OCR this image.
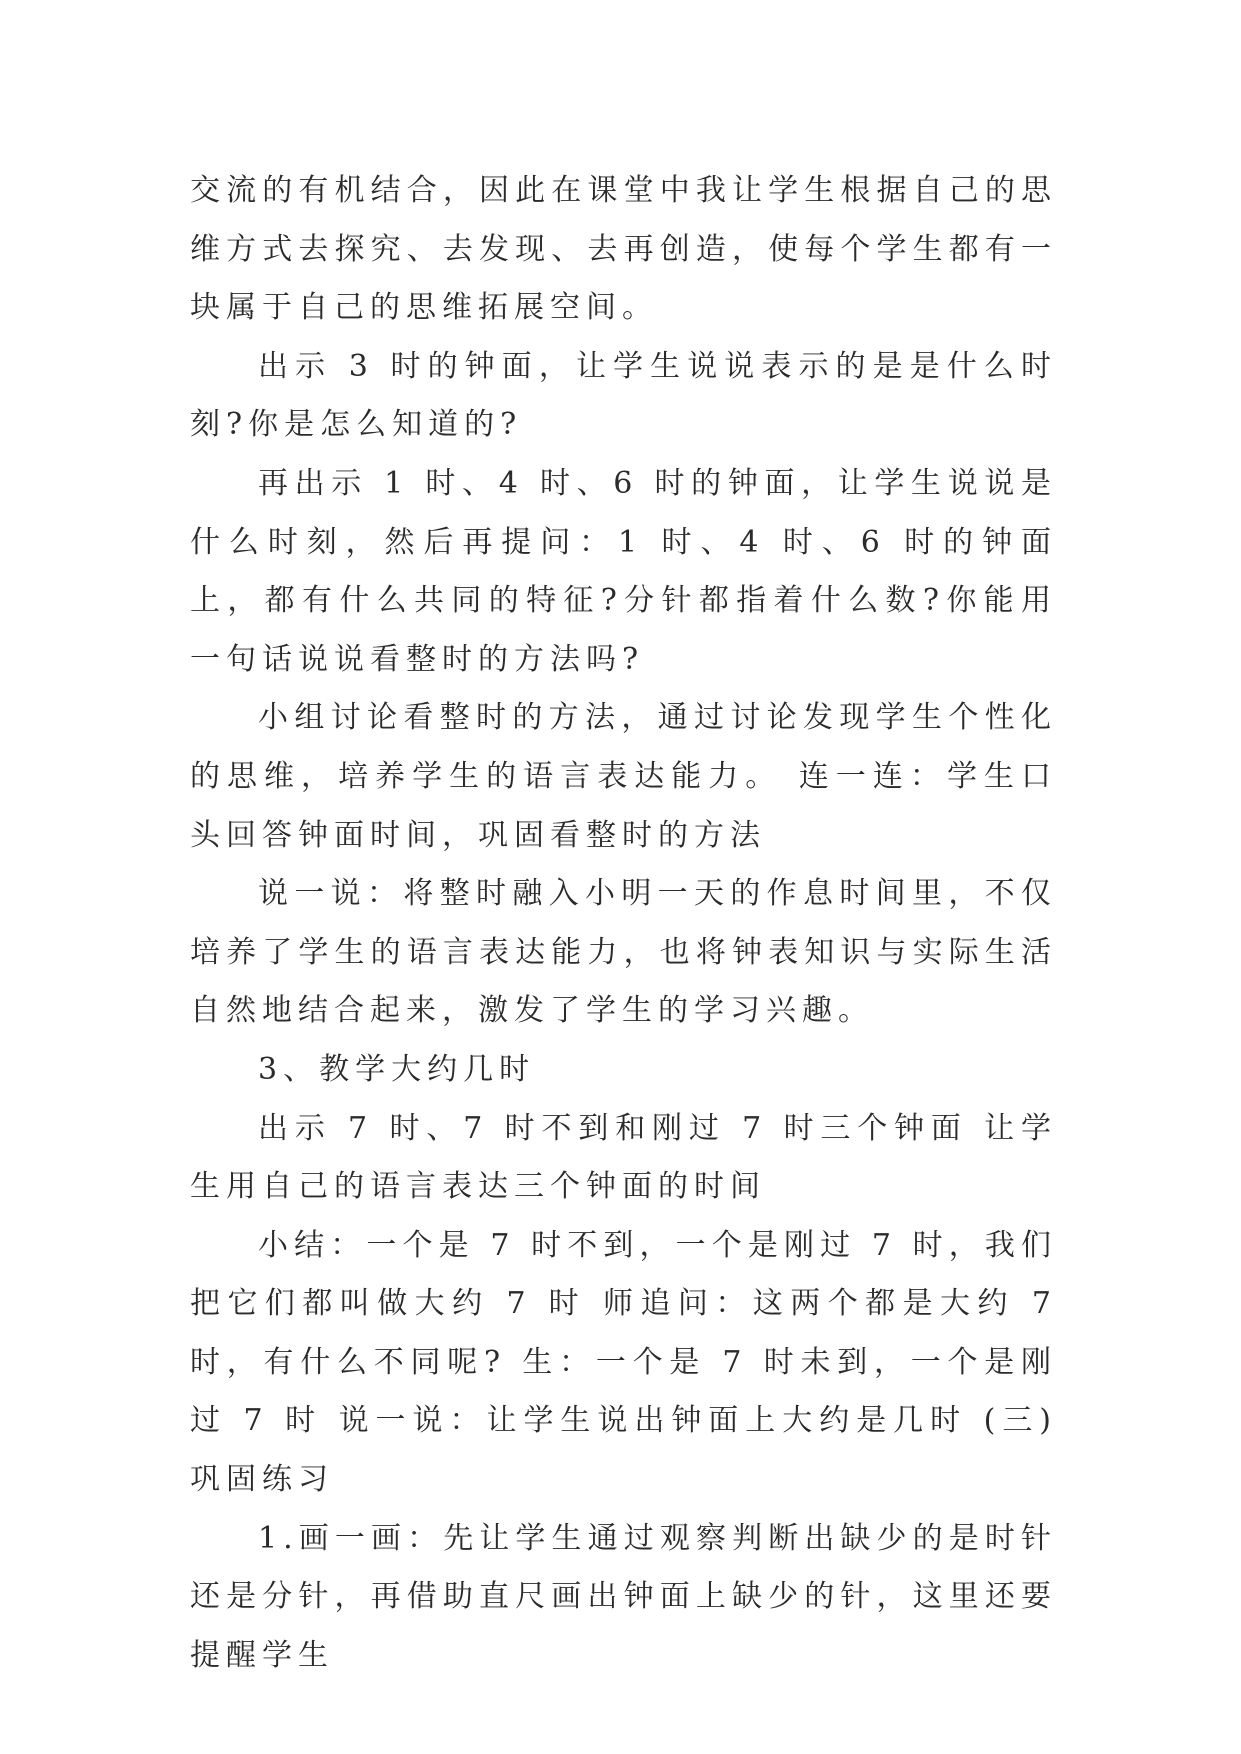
交流的有机结合，因此在课堂中我让学生根据自己的思维方式去探究、去发现、去再创造，使每个学生都有一块属于自己的思维拓展空间。

出示 3 时的钟面，让学生说说表示的是是什么时刻?你是怎么知道的?

再出示 1 时、4 时、6 时的钟面，让学生说说是什么时刻，然后再提问：1 时、4 时、6 时的钟面上，都有什么共同的特征?分针都指着什么数?你能用一句话说说看整时的方法吗?

小组讨论看整时的方法，通过讨论发现学生个性化的思维，培养学生的语言表达能力。 连一连：学生口头回答钟面时间，巩固看整时的方法

说一说：将整时融入小明一天的作息时间里，不仅培养了学生的语言表达能力，也将钟表知识与实际生活自然地结合起来，激发了学生的学习兴趣。

3、教学大约几时

出示 7 时、7 时不到和刚过 7 时三个钟面 让学生用自己的语言表达三个钟面的时间

小结：一个是 7 时不到，一个是刚过 7 时，我们把它们都叫做大约 7 时 师追问：这两个都是大约 7 时，有什么不同呢? 生：一个是 7 时未到，一个是刚过 7 时 说一说：让学生说出钟面上大约是几时 (三)巩固练习

1.画一画：先让学生通过观察判断出缺少的是时针还是分针，再借助直尺画出钟面上缺少的针，这里还要提醒学生
